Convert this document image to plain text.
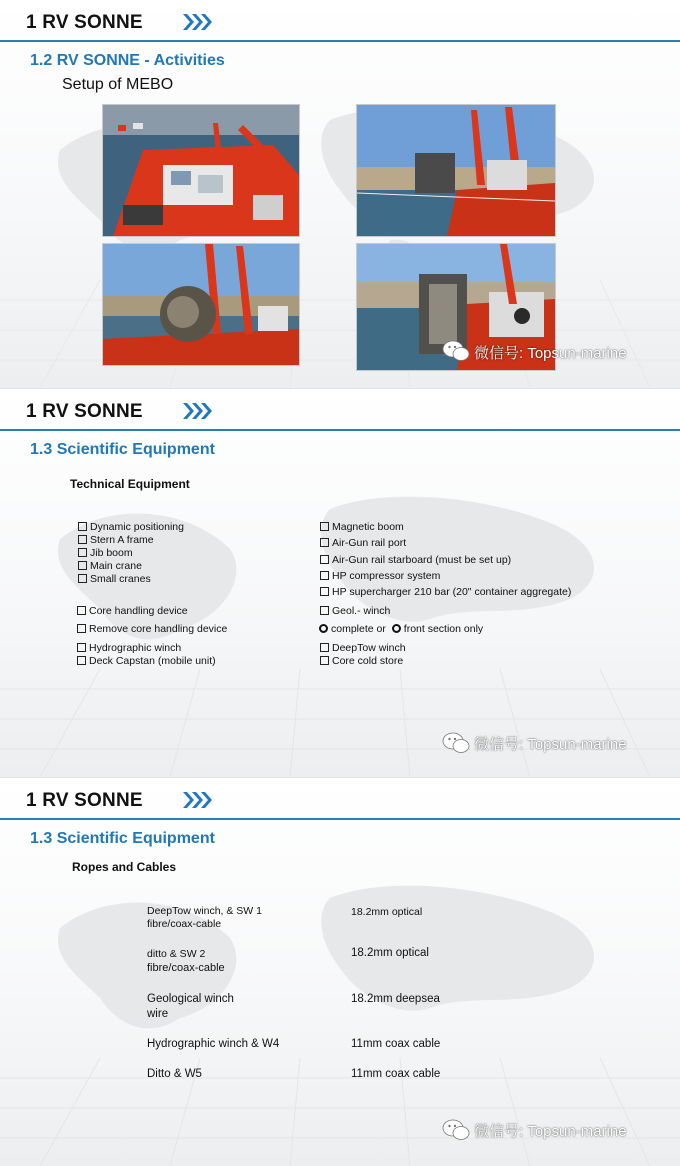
1 RV SONNE
1.2 RV SONNE - Activities
Setup of MEBO
微信号: Topsun-marine
1 RV SONNE
1.3 Scientific Equipment
Technical Equipment
Dynamic positioning
Stern A frame
Jib boom
Main crane
Small cranes
Core handling device
Remove core handling device
Hydrographic winch
Deck Capstan (mobile unit)
Magnetic boom
Air-Gun rail port
Air-Gun rail starboard (must be set up)
HP compressor system
HP supercharger 210 bar (20" container aggregate)
Geol.- winch
complete or front section only
DeepTow winch
Core cold store
微信号: Topsun-marine
1 RV SONNE
1.3 Scientific Equipment
Ropes and Cables
DeepTow winch, & SW 1
fibre/coax-cable
18.2mm optical
ditto & SW 2
fibre/coax-cable
18.2mm optical
Geological winch
wire
18.2mm deepsea
Hydrographic winch & W4	11mm coax cable
Ditto & W5	11mm coax cable
微信号: Topsun-marine
